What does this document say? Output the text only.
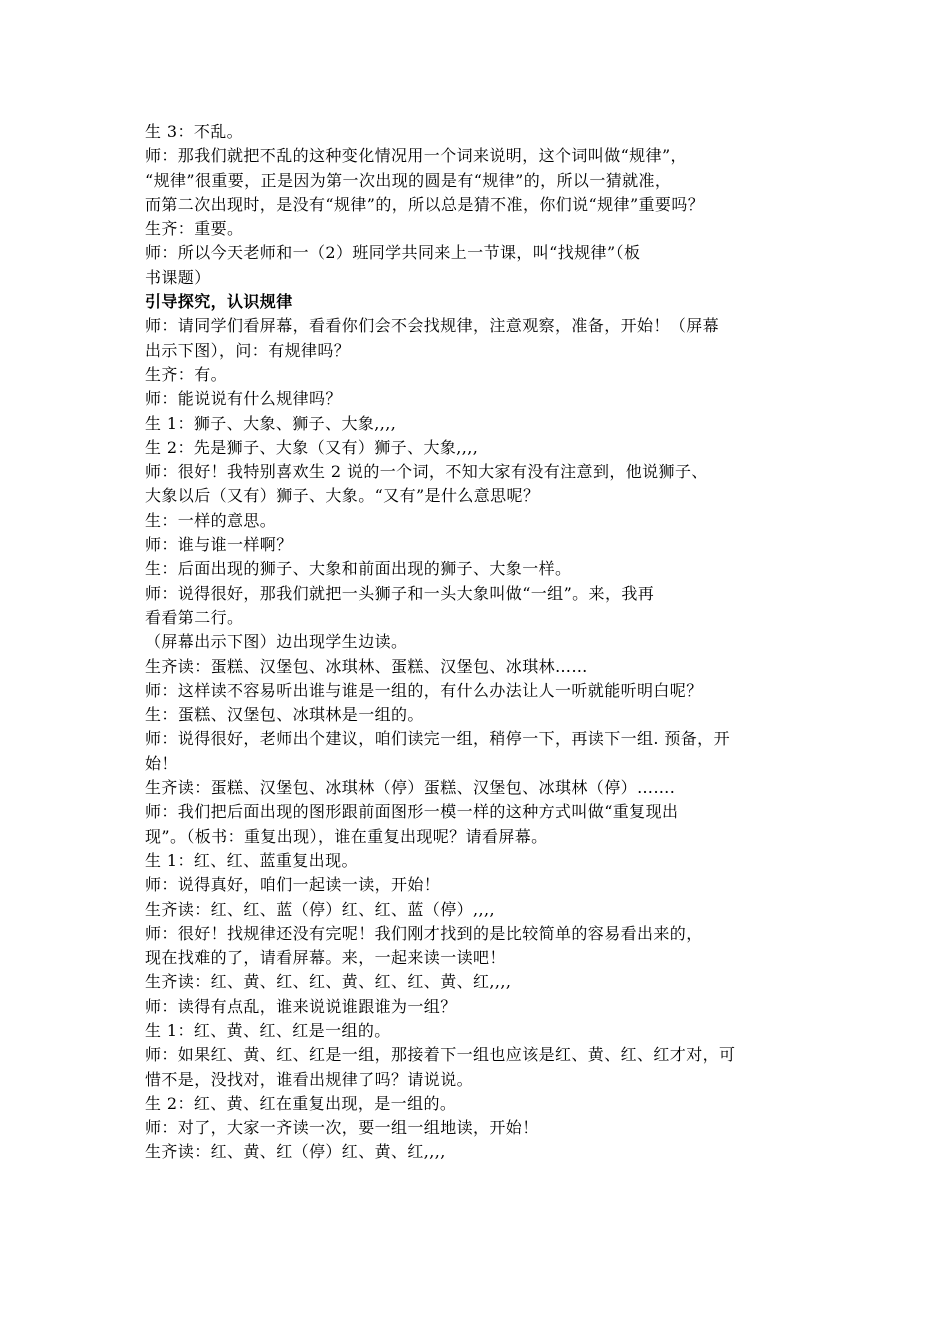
生 3：不乱。
师：那我们就把不乱的这种变化情况用一个词来说明，这个词叫做“规律”，
“规律”很重要，正是因为第一次出现的圆是有“规律”的，所以一猜就准，
而第二次出现时，是没有“规律”的，所以总是猜不准，你们说“规律”重要吗？
生齐：重要。
师：所以今天老师和一（2）班同学共同来上一节课，叫“找规律”（板
书课题）
引导探究，认识规律
师：请同学们看屏幕，看看你们会不会找规律，注意观察，准备，开始！（屏幕
出示下图），问：有规律吗？
生齐：有。
师：能说说有什么规律吗？
生 1：狮子、大象、狮子、大象,,,,
生 2：先是狮子、大象（又有）狮子、大象,,,,
师：很好！我特别喜欢生 2 说的一个词，不知大家有没有注意到，他说狮子、
大象以后（又有）狮子、大象。“又有”是什么意思呢？
生：一样的意思。
师：谁与谁一样啊？
生：后面出现的狮子、大象和前面出现的狮子、大象一样。
师：说得很好，那我们就把一头狮子和一头大象叫做“一组”。来，我再
看看第二行。
（屏幕出示下图）边出现学生边读。
生齐读：蛋糕、汉堡包、冰琪林、蛋糕、汉堡包、冰琪林……
师：这样读不容易听出谁与谁是一组的，有什么办法让人一听就能听明白呢？
生：蛋糕、汉堡包、冰琪林是一组的。
师：说得很好，老师出个建议，咱们读完一组，稍停一下，再读下一组. 预备，开
始！
生齐读：蛋糕、汉堡包、冰琪林（停）蛋糕、汉堡包、冰琪林（停）…….
师：我们把后面出现的图形跟前面图形一模一样的这种方式叫做“重复现出
现”。（板书：重复出现），谁在重复出现呢？请看屏幕。
生 1：红、红、蓝重复出现。
师：说得真好，咱们一起读一读，开始！
生齐读：红、红、蓝（停）红、红、蓝（停）,,,,
师：很好！找规律还没有完呢！我们刚才找到的是比较简单的容易看出来的，
现在找难的了，请看屏幕。来，一起来读一读吧！
生齐读：红、黄、红、红、黄、红、红、黄、红,,,,
师：读得有点乱，谁来说说谁跟谁为一组？
生 1：红、黄、红、红是一组的。
师：如果红、黄、红、红是一组，那接着下一组也应该是红、黄、红、红才对，可
惜不是，没找对，谁看出规律了吗？请说说。
生 2：红、黄、红在重复出现，是一组的。
师：对了，大家一齐读一次，要一组一组地读，开始！
生齐读：红、黄、红（停）红、黄、红,,,,
